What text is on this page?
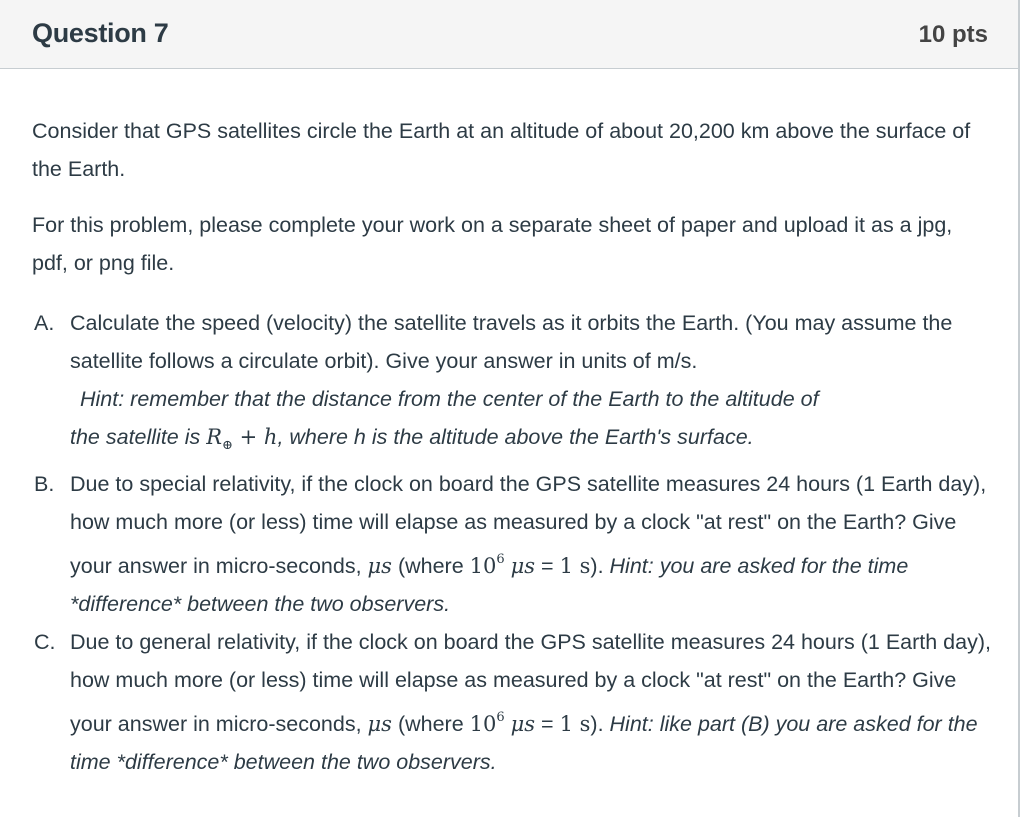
Question 7	10 pts

Consider that GPS satellites circle the Earth at an altitude of about 20,200 km above the surface of the Earth.

For this problem, please complete your work on a separate sheet of paper and upload it as a jpg, pdf, or png file.

A. Calculate the speed (velocity) the satellite travels as it orbits the Earth. (You may assume the satellite follows a circulate orbit). Give your answer in units of m/s.
Hint: remember that the distance from the center of the Earth to the altitude of
the satellite is $R_\oplus + h$, where h is the altitude above the Earth's surface.
B. Due to special relativity, if the clock on board the GPS satellite measures 24 hours (1 Earth day), how much more (or less) time will elapse as measured by a clock "at rest" on the Earth? Give your answer in micro-seconds, μs (where $10^6$ μs = 1 s). Hint: you are asked for the time *difference* between the two observers.
C. Due to general relativity, if the clock on board the GPS satellite measures 24 hours (1 Earth day), how much more (or less) time will elapse as measured by a clock "at rest" on the Earth? Give your answer in micro-seconds, μs (where $10^6$ μs = 1 s). Hint: like part (B) you are asked for the time *difference* between the two observers.
